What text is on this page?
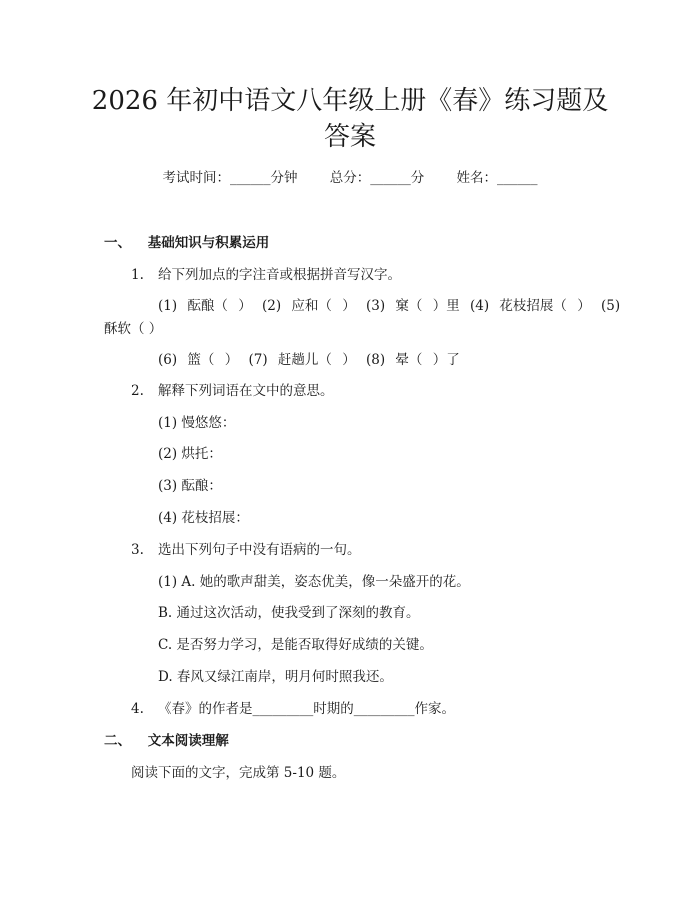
2026 年初中语文八年级上册《春》练习题及
答案
考试时间：______分钟 总分：______分 姓名：______
一、 基础知识与积累运用
1. 给下列加点的字注音或根据拼音写汉字。
(1) 酝酿（ ） (2) 应和（ ） (3) 窠（ ）里 (4) 花枝招展（ ） (5)
酥软（ ）
(6) 篮（ ） (7) 赶趟儿（ ） (8) 晕（ ）了
2. 解释下列词语在文中的意思。
(1) 慢悠悠：
(2) 烘托：
(3) 酝酿：
(4) 花枝招展：
3. 选出下列句子中没有语病的一句。
(1) A. 她的歌声甜美，姿态优美，像一朵盛开的花。
B. 通过这次活动，使我受到了深刻的教育。
C. 是否努力学习，是能否取得好成绩的关键。
D. 春风又绿江南岸，明月何时照我还。
4. 《春》的作者是_________时期的_________作家。
二、 文本阅读理解
阅读下面的文字，完成第 5-10 题。
